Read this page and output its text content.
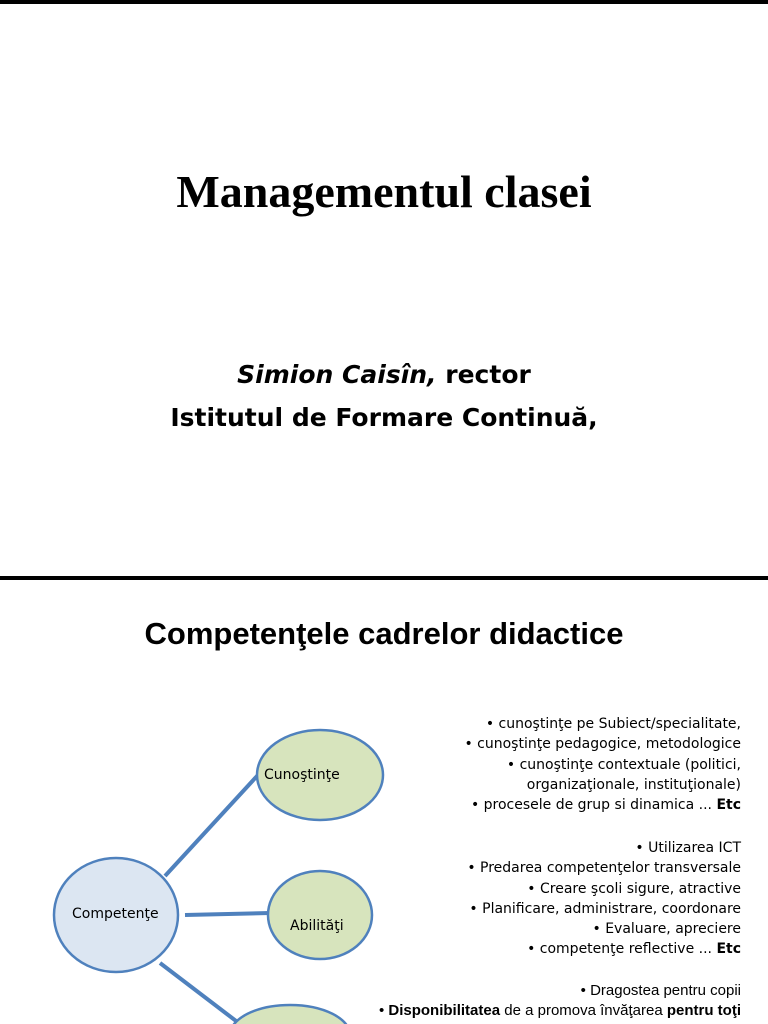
Managementul clasei
Simion Caisîn, rector
Istitutul de Formare Continuă,
Competenţele cadrelor didactice
Competenţe
Cunoştinţe
Abilităţi
• cunoştinţe pe Subiect/specialitate,
• cunoştinţe pedagogice, metodologice
• cunoştinţe contextuale (politici,
organizaţionale, instituţionale)
• procesele de grup si dinamica ... Etc
• Utilizarea ICT
• Predarea competenţelor transversale
• Creare şcoli sigure, atractive
• Planificare, administrare, coordonare
• Evaluare, apreciere
• competenţe reflective ... Etc
• Dragostea pentru copii
• Disponibilitatea de a promova învăţarea pentru toţi
